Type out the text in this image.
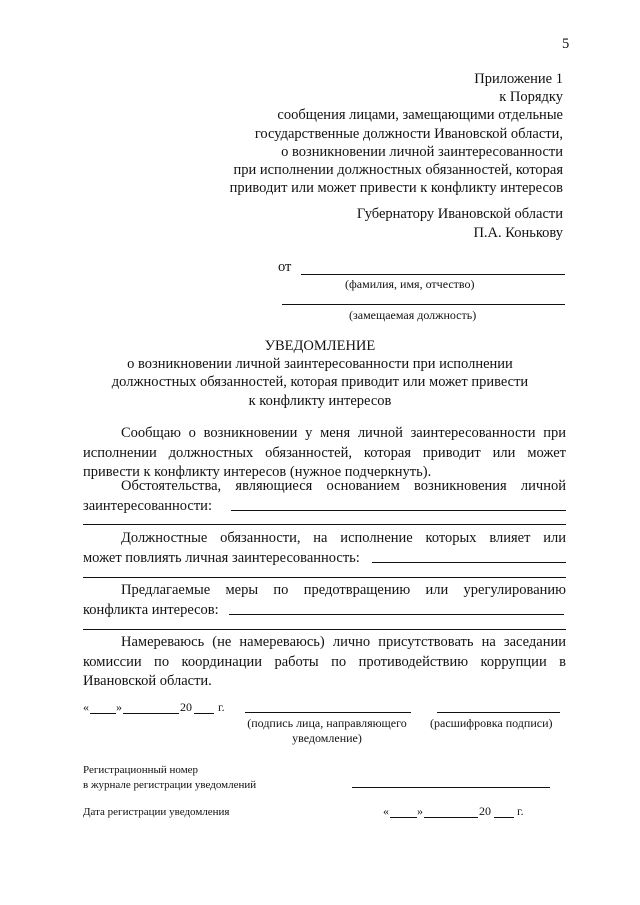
5
Приложение 1
к Порядку
сообщения лицами, замещающими отдельные
государственные должности Ивановской области,
о возникновении личной заинтересованности
при исполнении должностных обязанностей, которая
приводит или может привести к конфликту интересов
Губернатору Ивановской области
П.А. Конькову
от
(фамилия, имя, отчество)
(замещаемая должность)
УВЕДОМЛЕНИЕ
о возникновении личной заинтересованности при исполнении
должностных обязанностей, которая приводит или может привести
к конфликту интересов
Сообщаю о возникновении у меня личной заинтересованности при
исполнении должностных обязанностей, которая приводит или может
привести к конфликту интересов (нужное подчеркнуть).
Обстоятельства, являющиеся основанием возникновения личной
заинтересованности:
Должностные обязанности, на исполнение которых влияет или
может повлиять личная заинтересованность:
Предлагаемые меры по предотвращению или урегулированию
конфликта интересов:
Намереваюсь (не намереваюсь) лично присутствовать на заседании
комиссии по координации работы по противодействию коррупции в
Ивановской области.
« »	20 г.
(подпись лица, направляющего
уведомление)
(расшифровка подписи)
Регистрационный номер
в журнале регистрации уведомлений
Дата регистрации уведомления	« »	20 г.
